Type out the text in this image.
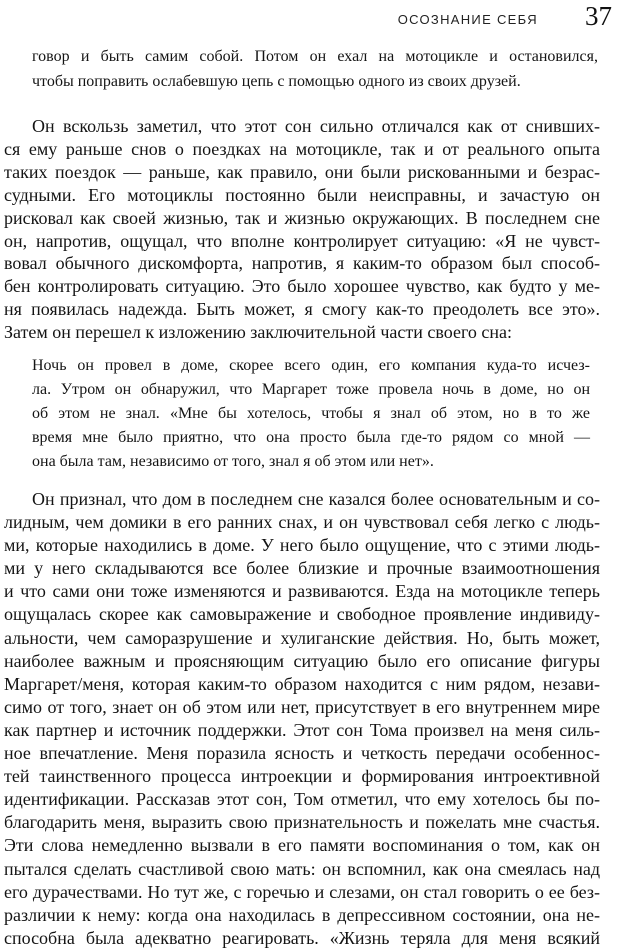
ОСОЗНАНИЕ СЕБЯ 37
говор и быть самим собой. Потом он ехал на мотоцикле и остановился,
чтобы поправить ослабевшую цепь с помощью одного из своих друзей.
Он вскользь заметил, что этот сон сильно отличался как от снивших-
ся ему раньше снов о поездках на мотоцикле, так и от реального опыта
таких поездок — раньше, как правило, они были рискованными и безрас-
судными. Его мотоциклы постоянно были неисправны, и зачастую он
рисковал как своей жизнью, так и жизнью окружающих. В последнем сне
он, напротив, ощущал, что вполне контролирует ситуацию: «Я не чувст-
вовал обычного дискомфорта, напротив, я каким-то образом был способ-
бен контролировать ситуацию. Это было хорошее чувство, как будто у ме-
ня появилась надежда. Быть может, я смогу как-то преодолеть все это».
Затем он перешел к изложению заключительной части своего сна:
Ночь он провел в доме, скорее всего один, его компания куда-то исчез-
ла. Утром он обнаружил, что Маргарет тоже провела ночь в доме, но он
об этом не знал. «Мне бы хотелось, чтобы я знал об этом, но в то же
время мне было приятно, что она просто была где-то рядом со мной —
она была там, независимо от того, знал я об этом или нет».
Он признал, что дом в последнем сне казался более основательным и со-
лидным, чем домики в его ранних снах, и он чувствовал себя легко с людь-
ми, которые находились в доме. У него было ощущение, что с этими людь-
ми у него складываются все более близкие и прочные взаимоотношения
и что сами они тоже изменяются и развиваются. Езда на мотоцикле теперь
ощущалась скорее как самовыражение и свободное проявление индивиду-
альности, чем саморазрушение и хулиганские действия. Но, быть может,
наиболее важным и проясняющим ситуацию было его описание фигуры
Маргарет/меня, которая каким-то образом находится с ним рядом, незави-
симо от того, знает он об этом или нет, присутствует в его внутреннем мире
как партнер и источник поддержки. Этот сон Тома произвел на меня силь-
ное впечатление. Меня поразила ясность и четкость передачи особеннос-
тей таинственного процесса интроекции и формирования интроективной
идентификации. Рассказав этот сон, Том отметил, что ему хотелось бы по-
благодарить меня, выразить свою признательность и пожелать мне счастья.
Эти слова немедленно вызвали в его памяти воспоминания о том, как он
пытался сделать счастливой свою мать: он вспомнил, как она смеялась над
его дурачествами. Но тут же, с горечью и слезами, он стал говорить о ее без-
различии к нему: когда она находилась в депрессивном состоянии, она не-
способна была адекватно реагировать. «Жизнь теряла для меня всякий
